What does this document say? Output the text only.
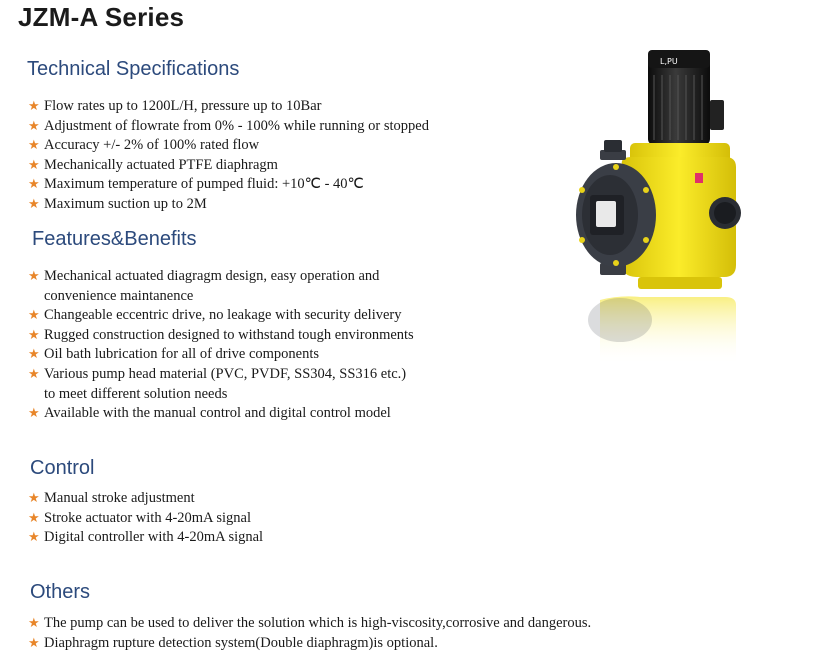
JZM-A Series
Technical Specifications
★ Flow rates up to 1200L/H, pressure up to 10Bar
★ Adjustment of flowrate from 0% - 100% while running or stopped
★ Accuracy +/- 2% of 100% rated flow
★ Mechanically actuated PTFE diaphragm
★ Maximum temperature of pumped fluid: +10℃ - 40℃
★ Maximum suction up to 2M
Features&Benefits
★ Mechanical actuated diagragm design, easy operation and
convenience maintanence
★ Changeable eccentric drive, no leakage with security delivery
★ Rugged construction designed to withstand tough environments
★ Oil bath lubrication for all of drive components
★ Various pump head material (PVC, PVDF, SS304, SS316 etc.)
to meet different solution needs
★ Available with the manual control and digital control model
Control
★ Manual stroke adjustment
★ Stroke actuator with 4-20mA signal
★ Digital controller with 4-20mA signal
Others
★ The pump can be used to deliver the solution which is high-viscosity,corrosive and dangerous.
★ Diaphragm rupture detection system(Double diaphragm)is optional.
L,PU
